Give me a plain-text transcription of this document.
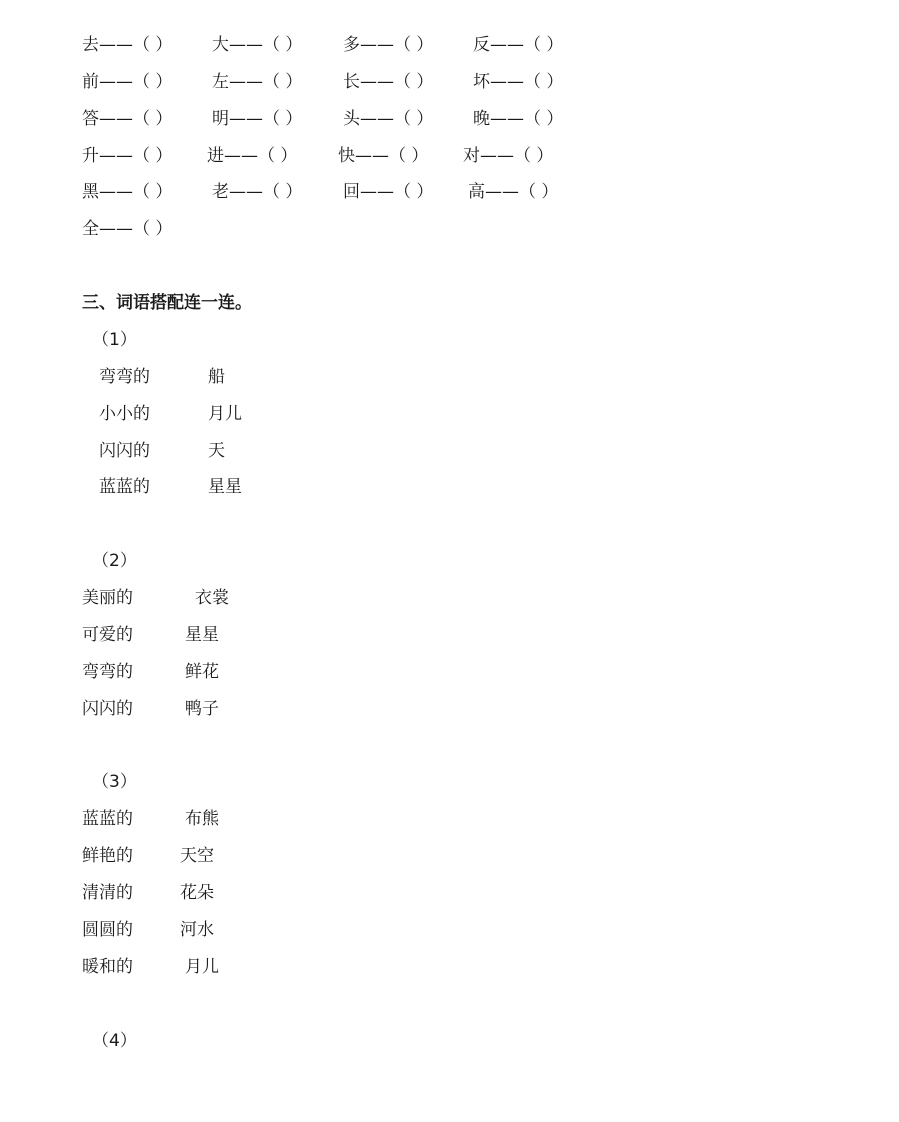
去——（ ） 大——（ ） 多——（ ） 反——（ ）
前——（ ） 左——（ ） 长——（ ） 坏——（ ）
答——（ ） 明——（ ） 头——（ ） 晚——（ ）
升——（ ） 进——（ ） 快——（ ） 对——（ ）
黑——（ ） 老——（ ） 回——（ ） 高——（ ）
全——（ ）
三、词语搭配连一连。
（1）
弯弯的	船
小小的	月儿
闪闪的	天
蓝蓝的	星星
（2）
美丽的	衣裳
可爱的	星星
弯弯的	鲜花
闪闪的	鸭子
（3）
蓝蓝的	布熊
鲜艳的	天空
清清的	花朵
圆圆的	河水
暖和的	月儿
（4）
